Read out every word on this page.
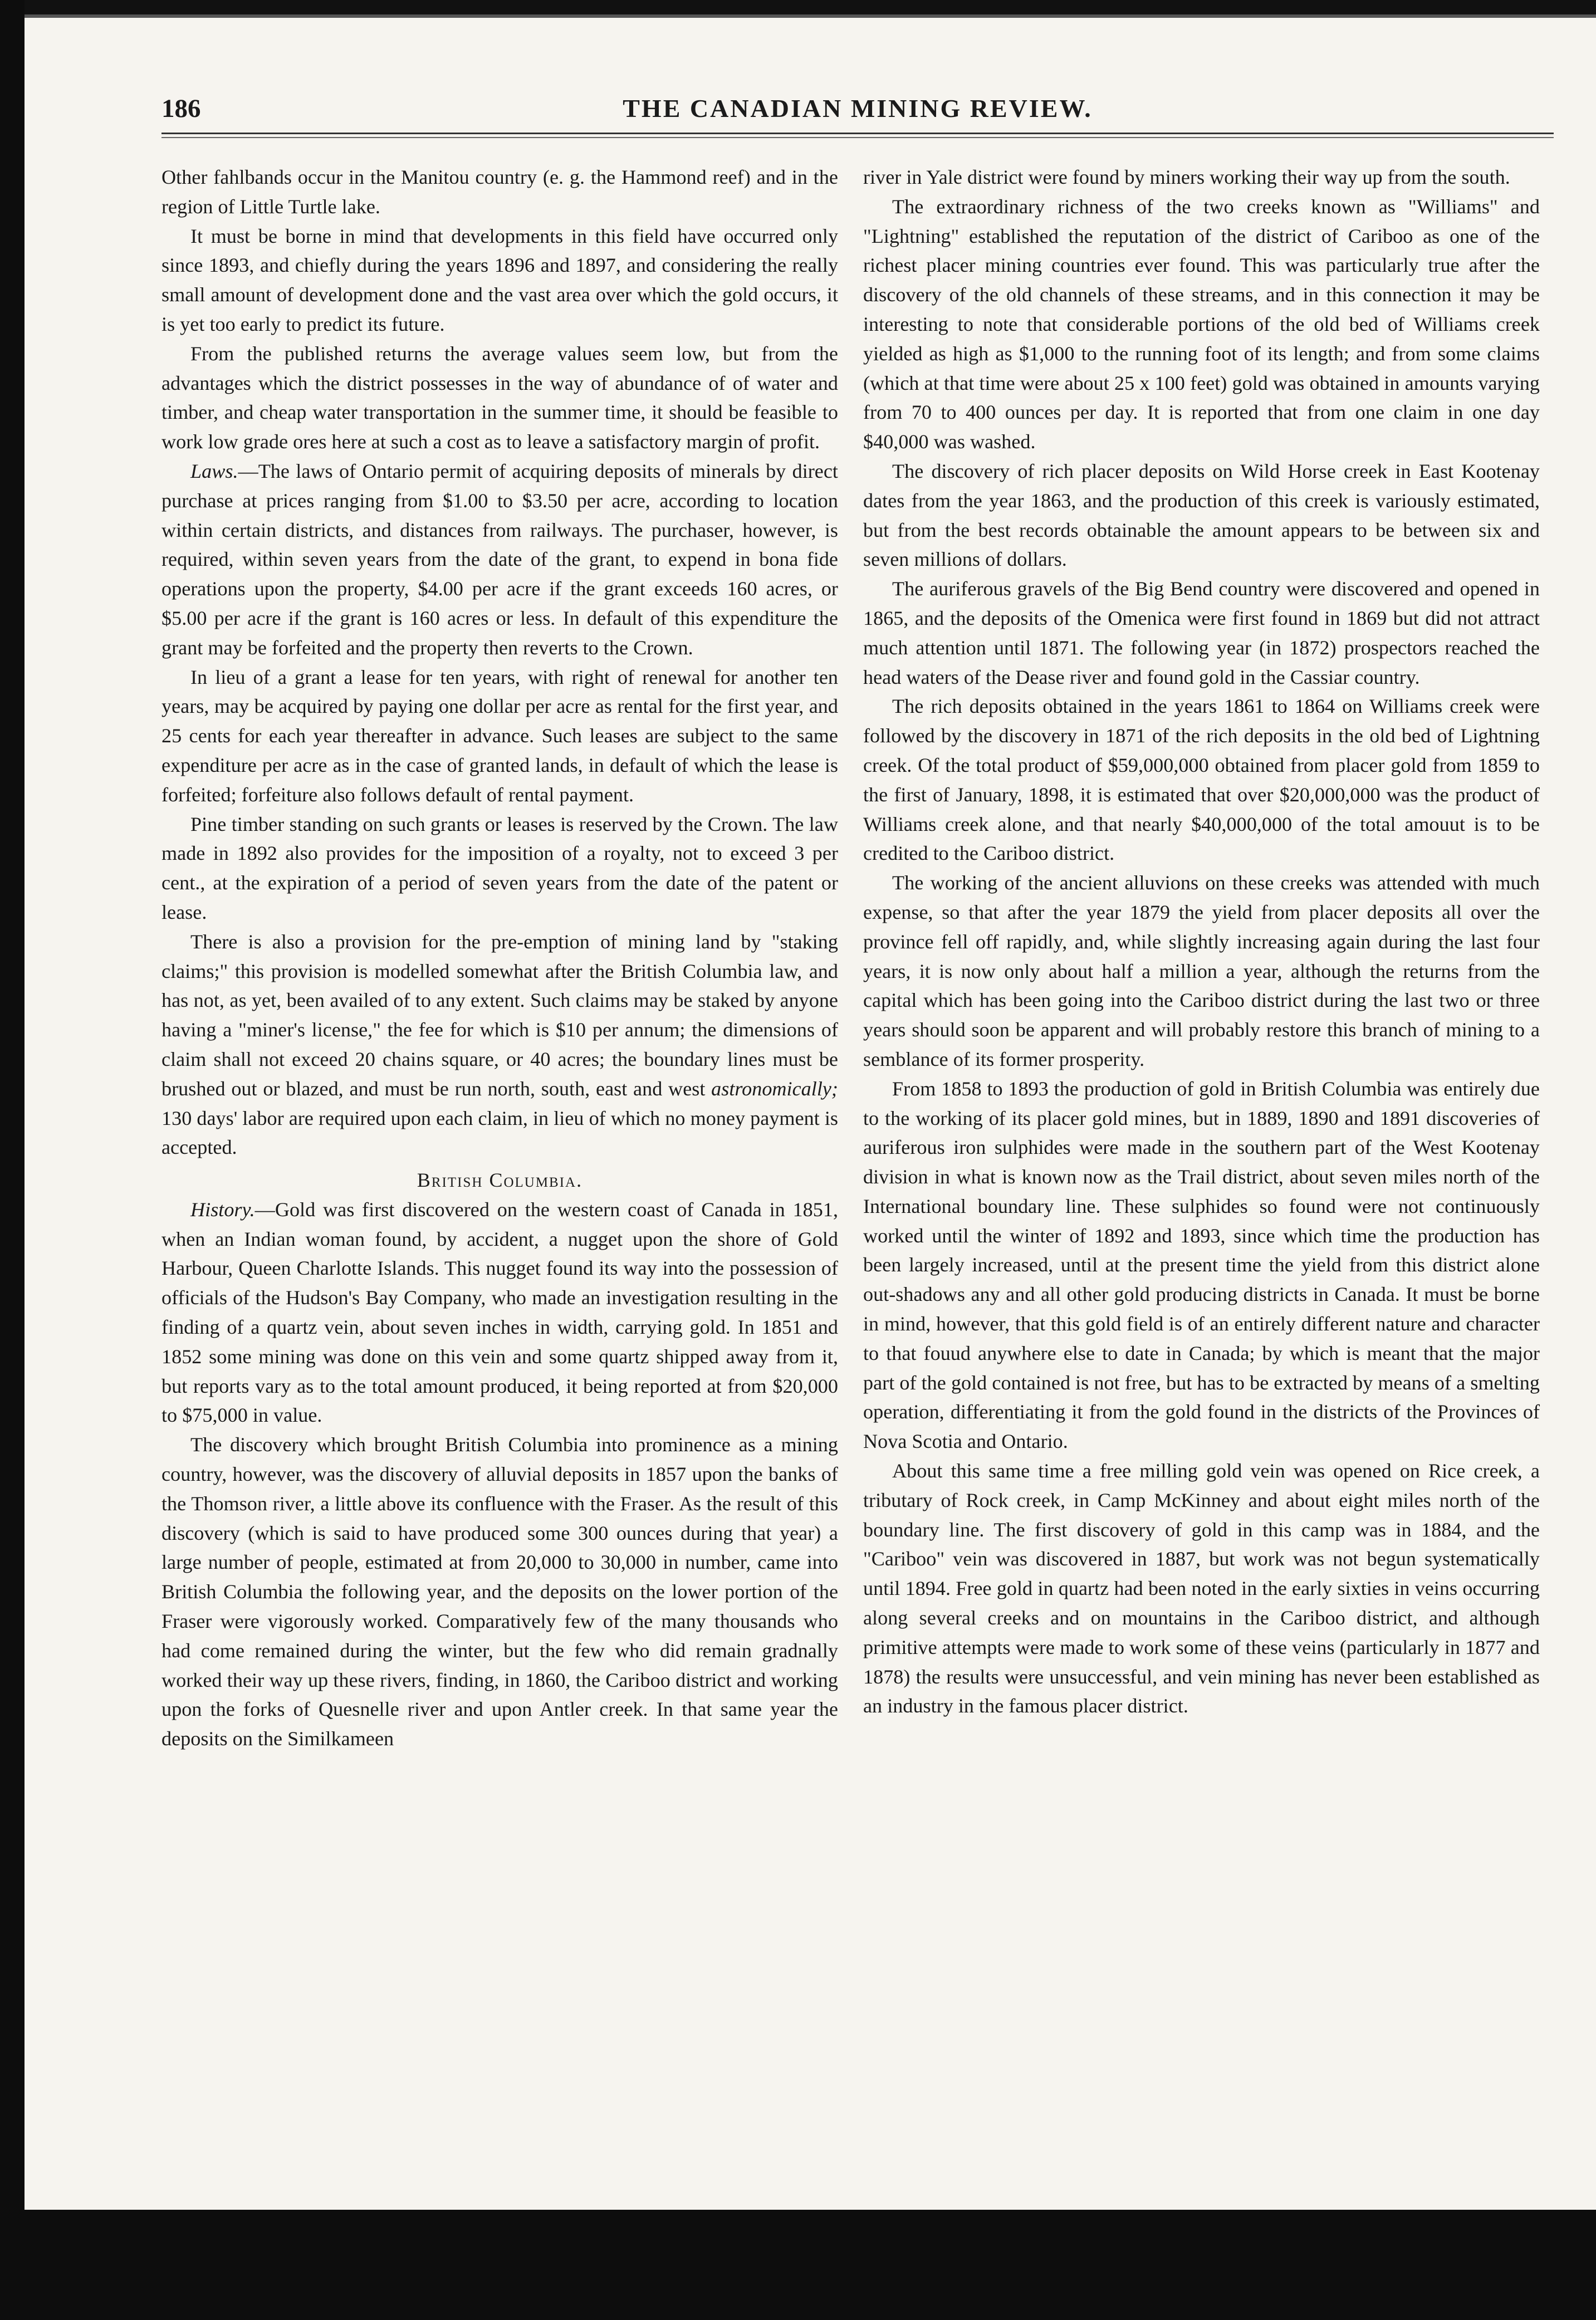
186	THE CANADIAN MINING REVIEW.

Other fahlbands occur in the Manitou country (e. g. the Hammond reef) and in the region of Little Turtle lake.

It must be borne in mind that developments in this field have occurred only since 1893, and chiefly during the years 1896 and 1897, and considering the really small amount of development done and the vast area over which the gold occurs, it is yet too early to predict its future.

From the published returns the average values seem low, but from the advantages which the district possesses in the way of abundance of of water and timber, and cheap water transportation in the summer time, it should be feasible to work low grade ores here at such a cost as to leave a satisfactory margin of profit.

Laws.—The laws of Ontario permit of acquiring deposits of minerals by direct purchase at prices ranging from $1.00 to $3.50 per acre, according to location within certain districts, and distances from railways. The purchaser, however, is required, within seven years from the date of the grant, to expend in bona fide operations upon the property, $4.00 per acre if the grant exceeds 160 acres, or $5.00 per acre if the grant is 160 acres or less. In default of this expenditure the grant may be forfeited and the property then reverts to the Crown.

In lieu of a grant a lease for ten years, with right of renewal for another ten years, may be acquired by paying one dollar per acre as rental for the first year, and 25 cents for each year thereafter in advance. Such leases are subject to the same expenditure per acre as in the case of granted lands, in default of which the lease is forfeited; forfeiture also follows default of rental payment.

Pine timber standing on such grants or leases is reserved by the Crown. The law made in 1892 also provides for the imposition of a royalty, not to exceed 3 per cent., at the expiration of a period of seven years from the date of the patent or lease.

There is also a provision for the pre-emption of mining land by "staking claims;" this provision is modelled somewhat after the British Columbia law, and has not, as yet, been availed of to any extent. Such claims may be staked by anyone having a "miner's license," the fee for which is $10 per annum; the dimensions of claim shall not exceed 20 chains square, or 40 acres; the boundary lines must be brushed out or blazed, and must be run north, south, east and west astronomically; 130 days' labor are required upon each claim, in lieu of which no money payment is accepted.

British Columbia.

History.—Gold was first discovered on the western coast of Canada in 1851, when an Indian woman found, by accident, a nugget upon the shore of Gold Harbour, Queen Charlotte Islands. This nugget found its way into the possession of officials of the Hudson's Bay Company, who made an investigation resulting in the finding of a quartz vein, about seven inches in width, carrying gold. In 1851 and 1852 some mining was done on this vein and some quartz shipped away from it, but reports vary as to the total amount produced, it being reported at from $20,000 to $75,000 in value.

The discovery which brought British Columbia into prominence as a mining country, however, was the discovery of alluvial deposits in 1857 upon the banks of the Thomson river, a little above its confluence with the Fraser. As the result of this discovery (which is said to have produced some 300 ounces during that year) a large number of people, estimated at from 20,000 to 30,000 in number, came into British Columbia the following year, and the deposits on the lower portion of the Fraser were vigorously worked. Comparatively few of the many thousands who had come remained during the winter, but the few who did remain gradnally worked their way up these rivers, finding, in 1860, the Cariboo district and working upon the forks of Quesnelle river and upon Antler creek. In that same year the deposits on the Similkameen

river in Yale district were found by miners working their way up from the south.

The extraordinary richness of the two creeks known as "Williams" and "Lightning" established the reputation of the district of Cariboo as one of the richest placer mining countries ever found. This was particularly true after the discovery of the old channels of these streams, and in this connection it may be interesting to note that considerable portions of the old bed of Williams creek yielded as high as $1,000 to the running foot of its length; and from some claims (which at that time were about 25 x 100 feet) gold was obtained in amounts varying from 70 to 400 ounces per day. It is reported that from one claim in one day $40,000 was washed.

The discovery of rich placer deposits on Wild Horse creek in East Kootenay dates from the year 1863, and the production of this creek is variously estimated, but from the best records obtainable the amount appears to be between six and seven millions of dollars.

The auriferous gravels of the Big Bend country were discovered and opened in 1865, and the deposits of the Omenica were first found in 1869 but did not attract much attention until 1871. The following year (in 1872) prospectors reached the head waters of the Dease river and found gold in the Cassiar country.

The rich deposits obtained in the years 1861 to 1864 on Williams creek were followed by the discovery in 1871 of the rich deposits in the old bed of Lightning creek. Of the total product of $59,000,000 obtained from placer gold from 1859 to the first of January, 1898, it is estimated that over $20,000,000 was the product of Williams creek alone, and that nearly $40,000,000 of the total amouut is to be credited to the Cariboo district.

The working of the ancient alluvions on these creeks was attended with much expense, so that after the year 1879 the yield from placer deposits all over the province fell off rapidly, and, while slightly increasing again during the last four years, it is now only about half a million a year, although the returns from the capital which has been going into the Cariboo district during the last two or three years should soon be apparent and will probably restore this branch of mining to a semblance of its former prosperity.

From 1858 to 1893 the production of gold in British Columbia was entirely due to the working of its placer gold mines, but in 1889, 1890 and 1891 discoveries of auriferous iron sulphides were made in the southern part of the West Kootenay division in what is known now as the Trail district, about seven miles north of the International boundary line. These sulphides so found were not continuously worked until the winter of 1892 and 1893, since which time the production has been largely increased, until at the present time the yield from this district alone out-shadows any and all other gold producing districts in Canada. It must be borne in mind, however, that this gold field is of an entirely different nature and character to that fouud anywhere else to date in Canada; by which is meant that the major part of the gold contained is not free, but has to be extracted by means of a smelting operation, differentiating it from the gold found in the districts of the Provinces of Nova Scotia and Ontario.

About this same time a free milling gold vein was opened on Rice creek, a tributary of Rock creek, in Camp McKinney and about eight miles north of the boundary line. The first discovery of gold in this camp was in 1884, and the "Cariboo" vein was discovered in 1887, but work was not begun systematically until 1894. Free gold in quartz had been noted in the early sixties in veins occurring along several creeks and on mountains in the Cariboo district, and although primitive attempts were made to work some of these veins (particularly in 1877 and 1878) the results were unsuccessful, and vein mining has never been established as an industry in the famous placer district.
